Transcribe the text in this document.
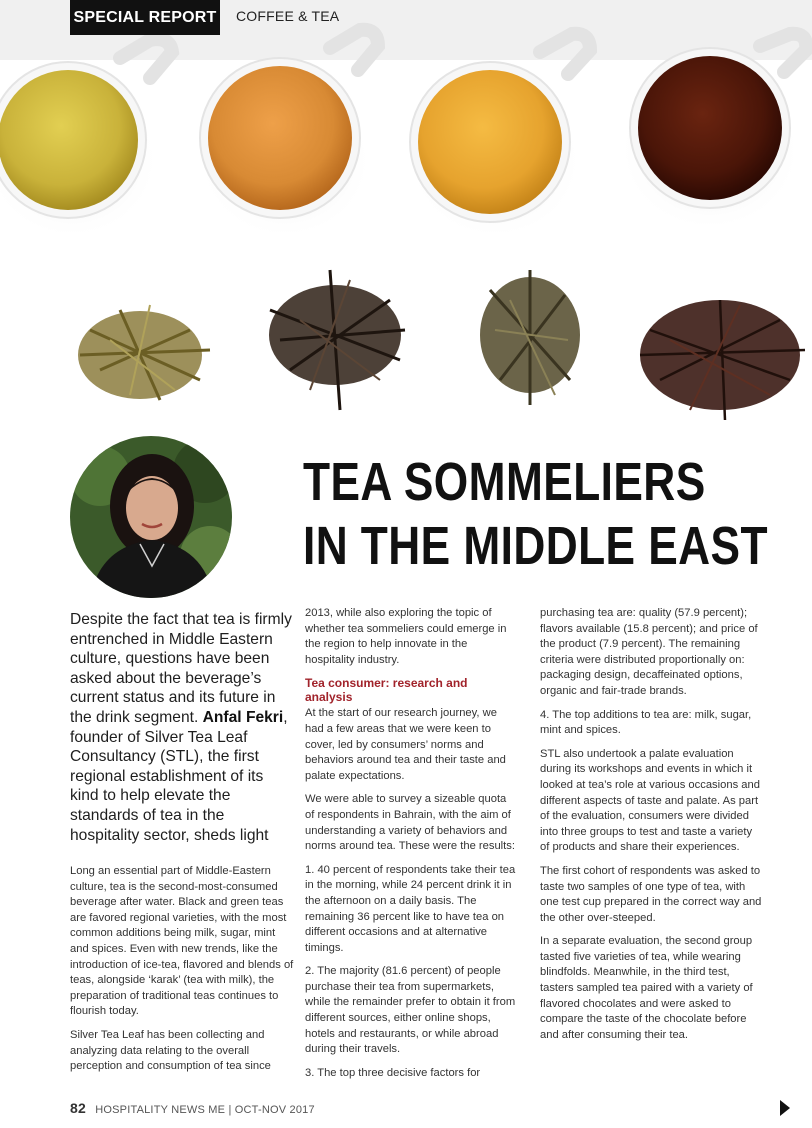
SPECIAL REPORT COFFEE & TEA
TEA SOMMELIERS
IN THE MIDDLE EAST
Despite the fact that tea is firmly entrenched in Middle Eastern culture, questions have been asked about the beverage’s current status and its future in the drink segment. Anfal Fekri, founder of Silver Tea Leaf Consultancy (STL), the first regional establishment of its kind to help elevate the standards of tea in the hospitality sector, sheds light

Long an essential part of Middle-Eastern culture, tea is the second-most-consumed beverage after water. Black and green teas are favored regional varieties, with the most common additions being milk, sugar, mint and spices. Even with new trends, like the introduction of ice-tea, flavored and blends of teas, alongside ‘karak’ (tea with milk), the preparation of traditional teas continues to flourish today.

Silver Tea Leaf has been collecting and analyzing data relating to the overall perception and consumption of tea since

2013, while also exploring the topic of whether tea sommeliers could emerge in the region to help innovate in the hospitality industry.

Tea consumer: research and analysis

At the start of our research journey, we had a few areas that we were keen to cover, led by consumers’ norms and behaviors around tea and their taste and palate expectations.

We were able to survey a sizeable quota of respondents in Bahrain, with the aim of understanding a variety of behaviors and norms around tea. These were the results:

1. 40 percent of respondents take their tea in the morning, while 24 percent drink it in the afternoon on a daily basis. The remaining 36 percent like to have tea on different occasions and at alternative timings.

2. The majority (81.6 percent) of people purchase their tea from supermarkets, while the remainder prefer to obtain it from different sources, either online shops, hotels and restaurants, or while abroad during their travels.

3. The top three decisive factors for

purchasing tea are: quality (57.9 percent); flavors available (15.8 percent); and price of the product (7.9 percent). The remaining criteria were distributed proportionally on: packaging design, decaffeinated options, organic and fair-trade brands.

4. The top additions to tea are: milk, sugar, mint and spices.

STL also undertook a palate evaluation during its workshops and events in which it looked at tea’s role at various occasions and different aspects of taste and palate. As part of the evaluation, consumers were divided into three groups to test and taste a variety of products and share their experiences.

The first cohort of respondents was asked to taste two samples of one type of tea, with one test cup prepared in the correct way and the other over-steeped.

In a separate evaluation, the second group tasted five varieties of tea, while wearing blindfolds. Meanwhile, in the third test, tasters sampled tea paired with a variety of flavored chocolates and were asked to compare the taste of the chocolate before and after consuming their tea.

82 HOSPITALITY NEWS ME | OCT-NOV 2017
